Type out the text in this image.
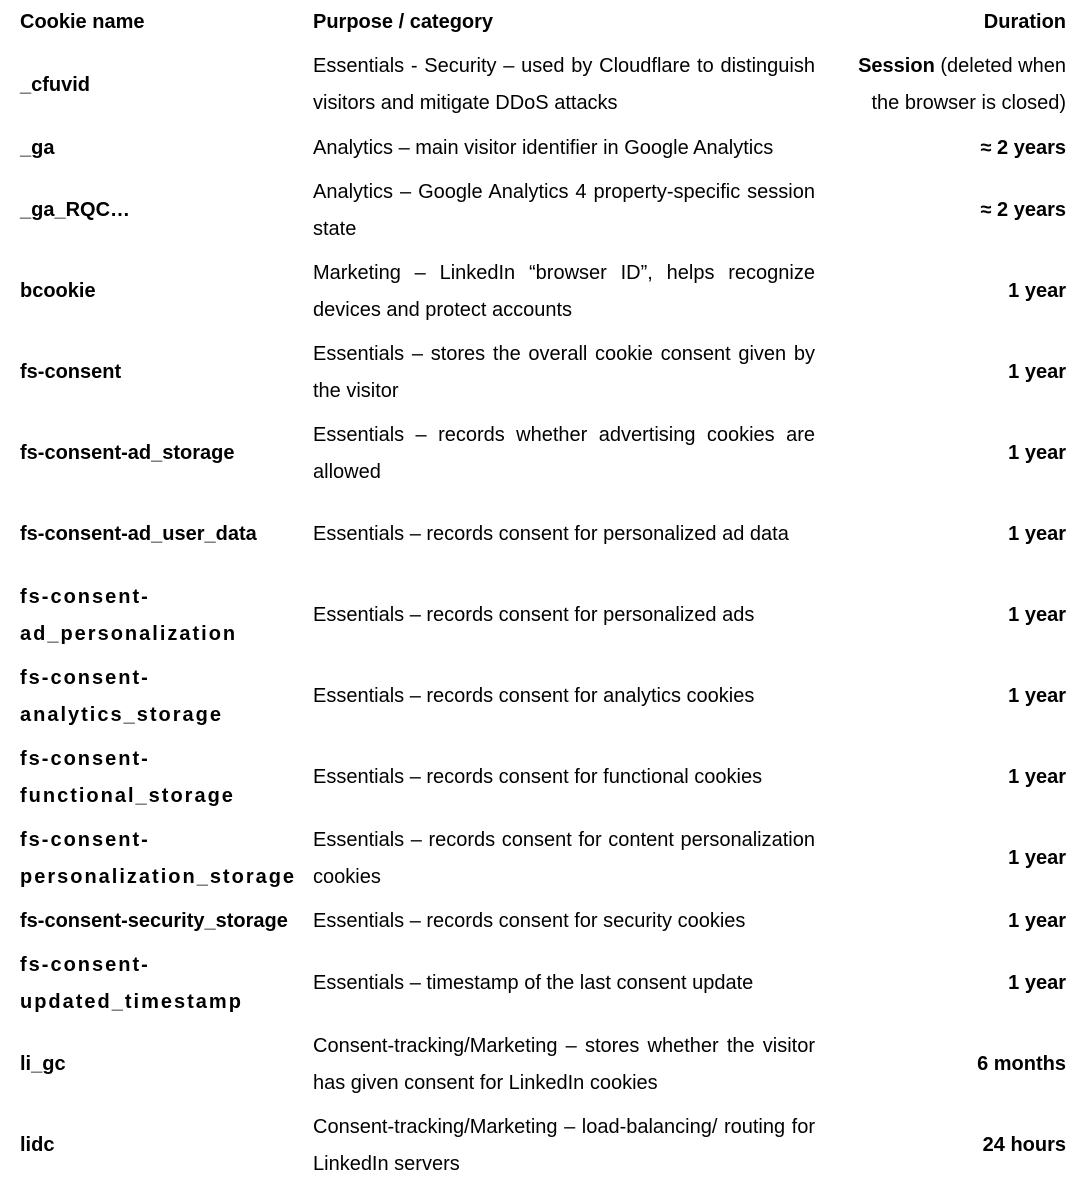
Cookie name	Purpose / category	Duration
_cfuvid	Essentials - Security – used by Cloudflare to distinguish visitors and mitigate DDoS attacks	Session (deleted when the browser is closed)
_ga	Analytics – main visitor identifier in Google Analytics	≈ 2 years
_ga_RQC…	Analytics – Google Analytics 4 property-specific session state	≈ 2 years
bcookie	Marketing – LinkedIn “browser ID”, helps recognize devices and protect accounts	1 year
fs-consent	Essentials – stores the overall cookie consent given by the visitor	1 year
fs-consent-ad_storage	Essentials – records whether advertising cookies are allowed	1 year
fs-consent-ad_user_data	Essentials – records consent for personalized ad data	1 year
fs-consent-ad_personalization	Essentials – records consent for personalized ads	1 year
fs-consent-analytics_storage	Essentials – records consent for analytics cookies	1 year
fs-consent-functional_storage	Essentials – records consent for functional cookies	1 year
fs-consent-personalization_storage	Essentials – records consent for content personalization cookies	1 year
fs-consent-security_storage	Essentials – records consent for security cookies	1 year
fs-consent-updated_timestamp	Essentials – timestamp of the last consent update	1 year
li_gc	Consent-tracking/Marketing – stores whether the visitor has given consent for LinkedIn cookies	6 months
lidc	Consent-tracking/Marketing – load-balancing/ routing for LinkedIn servers	24 hours
